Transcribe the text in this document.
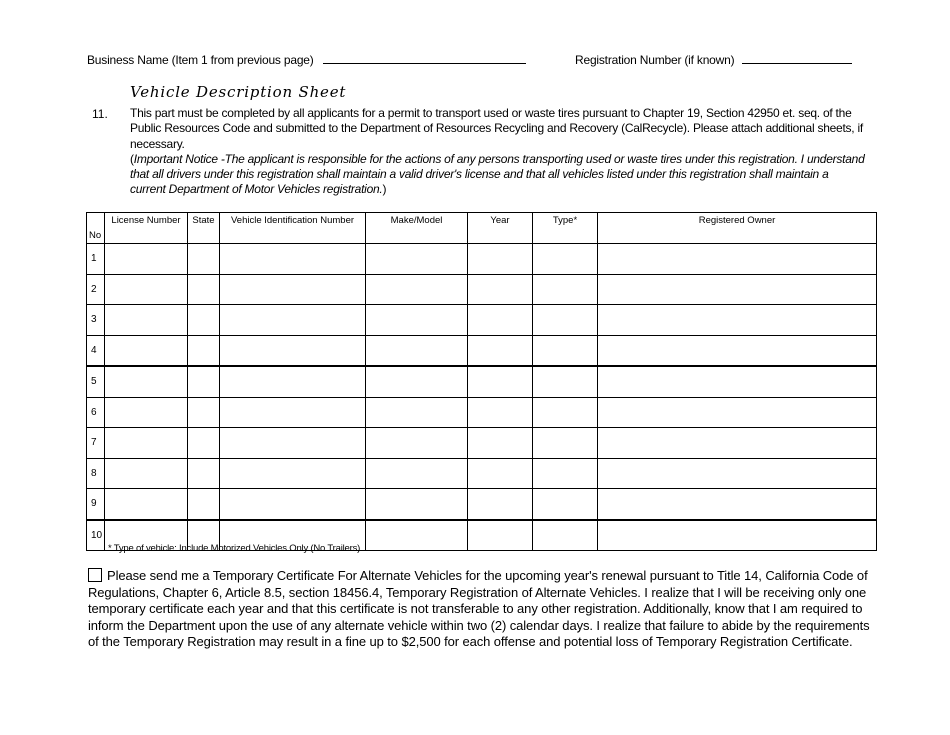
Business Name (Item 1 from previous page)	Registration Number (if known)
Vehicle Description Sheet
11. This part must be completed by all applicants for a permit to transport used or waste tires pursuant to Chapter 19, Section 42950 et. seq. of the Public Resources Code and submitted to the Department of Resources Recycling and Recovery (CalRecycle). Please attach additional sheets, if necessary.

(Important Notice -The applicant is responsible for the actions of any persons transporting used or waste tires under this registration. I understand that all drivers under this registration shall maintain a valid driver's license and that all vehicles listed under this registration shall maintain a current Department of Motor Vehicles registration.)

No	License Number	State	Vehicle Identification Number	Make/Model	Year	Type*	Registered Owner
1							
2							
3							
4							
5							
6							
7							
8							
9							
10							
* Type of vehicle: Include Motorized Vehicles Only (No Trailers)

Please send me a Temporary Certificate For Alternate Vehicles for the upcoming year's renewal pursuant to Title 14, California Code of Regulations, Chapter 6, Article 8.5, section 18456.4, Temporary Registration of Alternate Vehicles. I realize that I will be receiving only one temporary certificate each year and that this certificate is not transferable to any other registration. Additionally, know that I am required to inform the Department upon the use of any alternate vehicle within two (2) calendar days. I realize that failure to abide by the requirements of the Temporary Registration may result in a fine up to $2,500 for each offense and potential loss of Temporary Registration Certificate.
